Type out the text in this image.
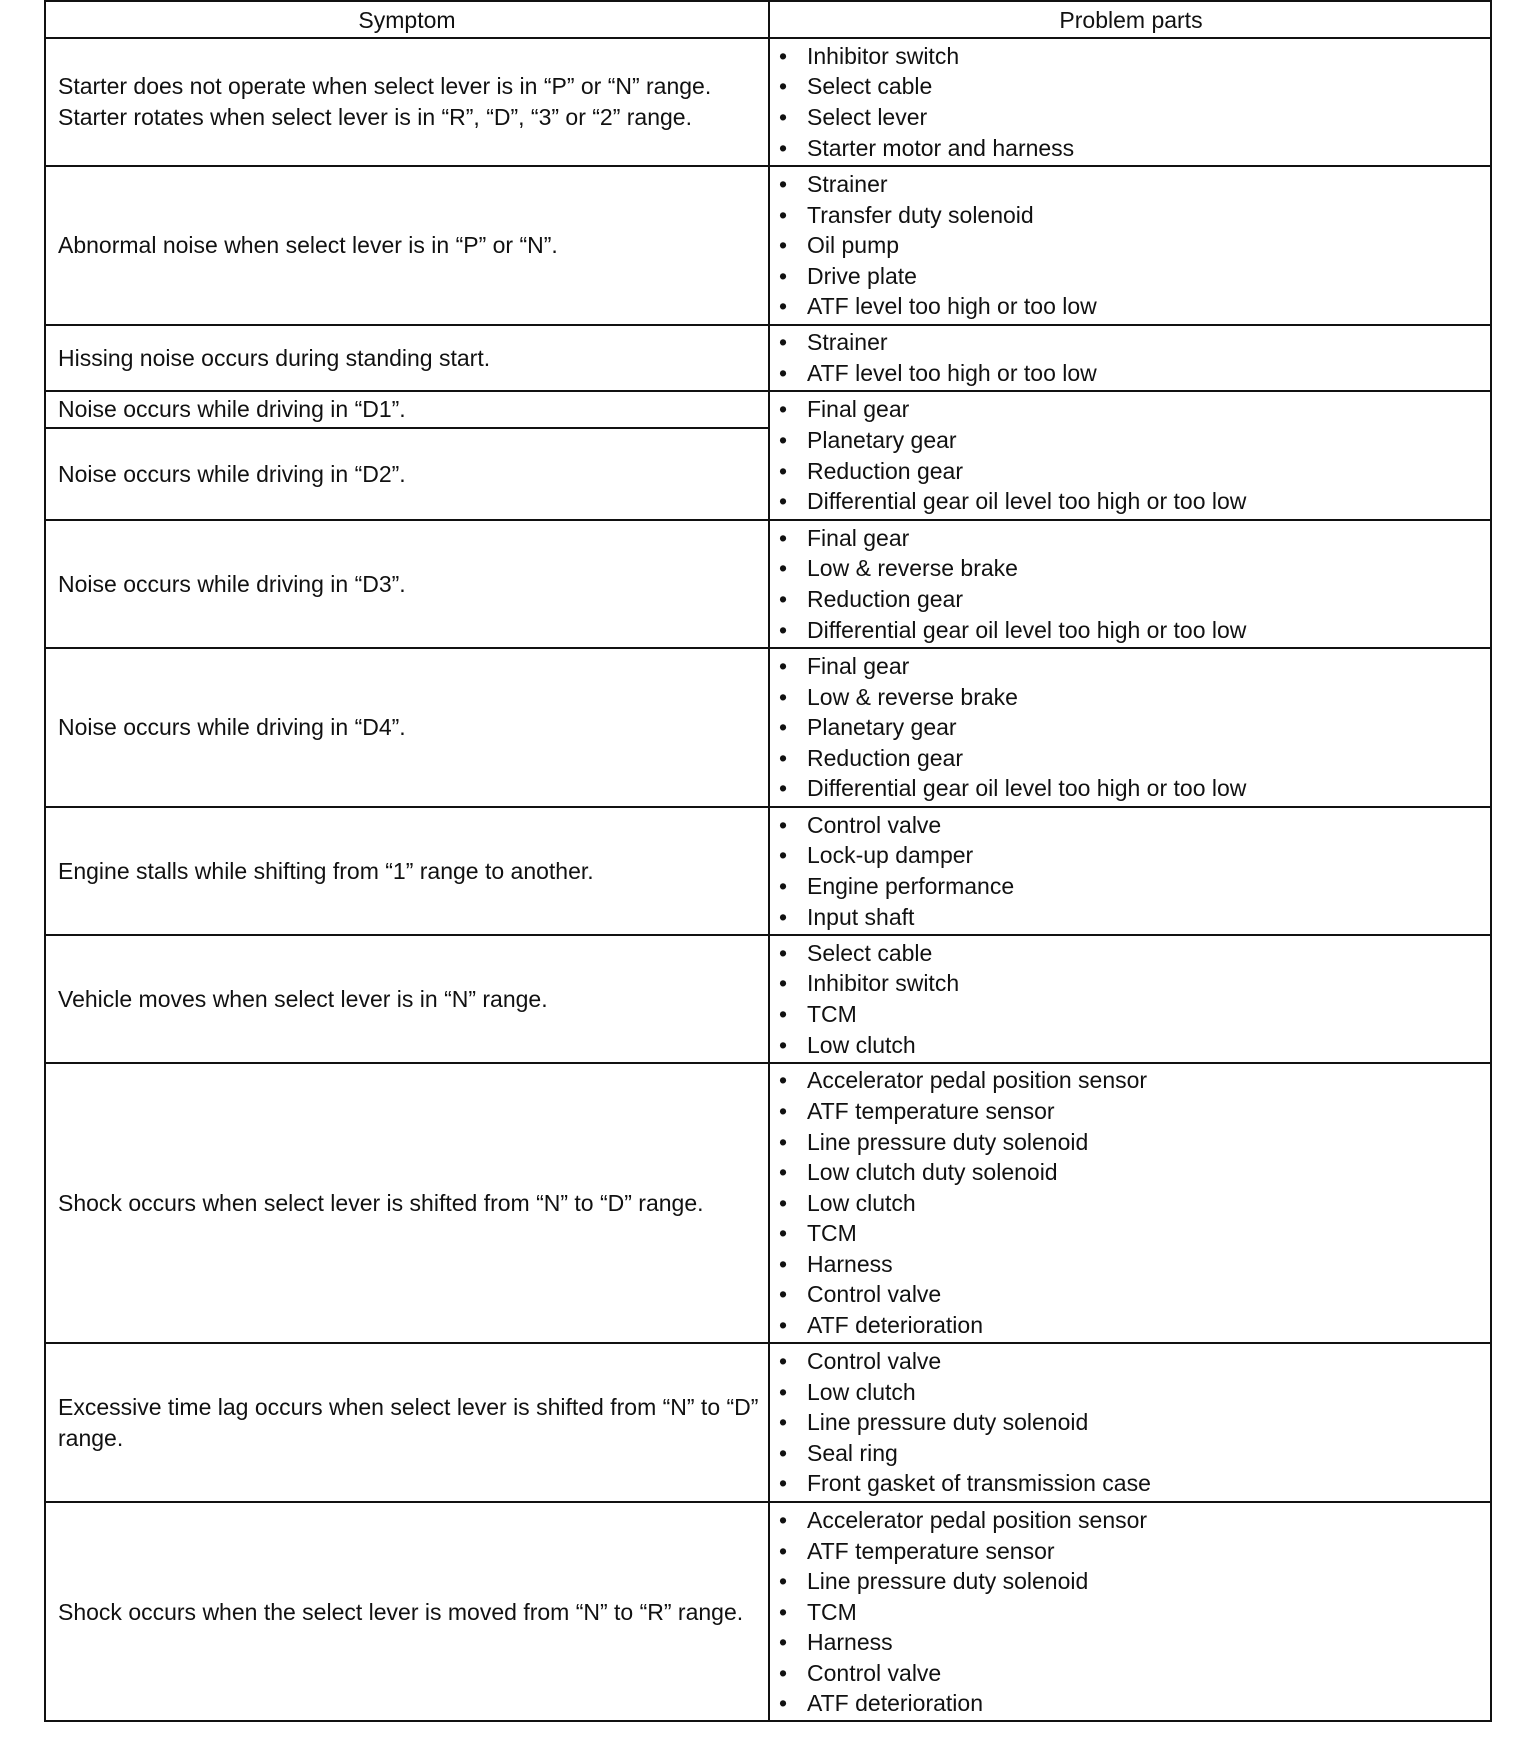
Symptom	Problem parts
Starter does not operate when select lever is in “P” or “N” range. Starter rotates when select lever is in “R”, “D”, “3” or “2” range.
• Inhibitor switch
• Select cable
• Select lever
• Starter motor and harness
Abnormal noise when select lever is in “P” or “N”.
• Strainer
• Transfer duty solenoid
• Oil pump
• Drive plate
• ATF level too high or too low
Hissing noise occurs during standing start.
• Strainer
• ATF level too high or too low
Noise occurs while driving in “D1”.
Noise occurs while driving in “D2”.
• Final gear
• Planetary gear
• Reduction gear
• Differential gear oil level too high or too low
Noise occurs while driving in “D3”.
• Final gear
• Low & reverse brake
• Reduction gear
• Differential gear oil level too high or too low
Noise occurs while driving in “D4”.
• Final gear
• Low & reverse brake
• Planetary gear
• Reduction gear
• Differential gear oil level too high or too low
Engine stalls while shifting from “1” range to another.
• Control valve
• Lock-up damper
• Engine performance
• Input shaft
Vehicle moves when select lever is in “N” range.
• Select cable
• Inhibitor switch
• TCM
• Low clutch
Shock occurs when select lever is shifted from “N” to “D” range.
• Accelerator pedal position sensor
• ATF temperature sensor
• Line pressure duty solenoid
• Low clutch duty solenoid
• Low clutch
• TCM
• Harness
• Control valve
• ATF deterioration
Excessive time lag occurs when select lever is shifted from “N” to “D” range.
• Control valve
• Low clutch
• Line pressure duty solenoid
• Seal ring
• Front gasket of transmission case
Shock occurs when the select lever is moved from “N” to “R” range.
• Accelerator pedal position sensor
• ATF temperature sensor
• Line pressure duty solenoid
• TCM
• Harness
• Control valve
• ATF deterioration
